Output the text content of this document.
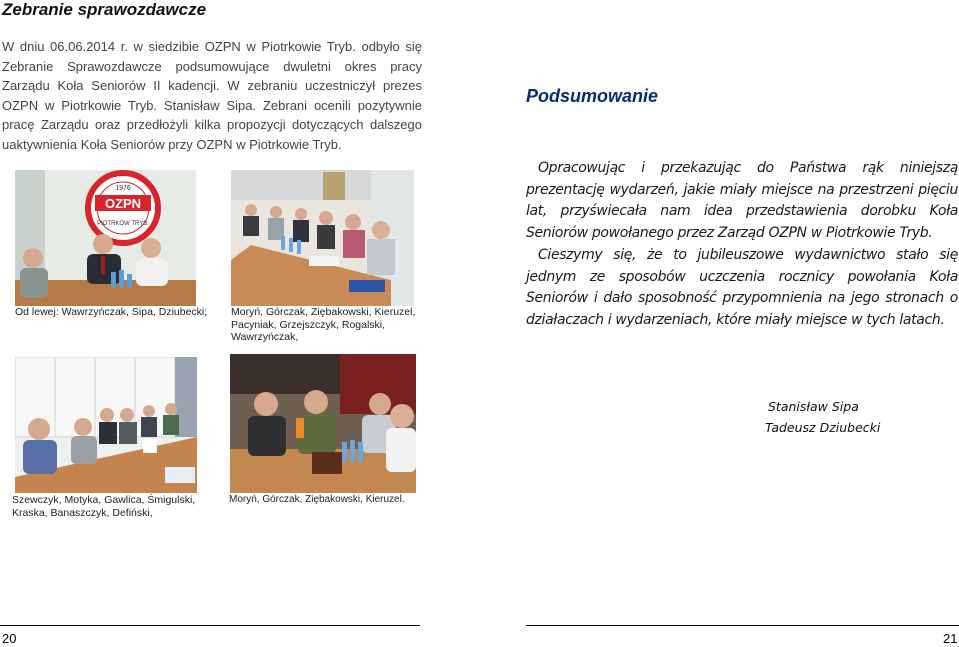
Zebranie sprawozdawcze
W dniu 06.06.2014 r. w siedzibie OZPN w Piotrkowie Tryb. odbyło się Zebranie Sprawozdawcze podsumowujące dwuletni okres pracy Zarządu Koła Seniorów II kadencji. W zebraniu uczestniczył prezes OZPN w Piotrkowie Tryb. Stanisław Sipa. Zebrani ocenili pozytywnie pracę Zarządu oraz przedłożyli kilka propozycji dotyczących dalszego uaktywnienia Koła Seniorów przy OZPN w Piotrkowie Tryb.
1976
OZPN
PIOTRKÓW TRYB.
Od lewej: Wawrzyńczak, Sipa, Dziubecki;	Moryń, Górczak, Ziębakowski, Kieruzel, Pacyniak, Grzejszczyk, Rogalski, Wawrzyńczak,
Szewczyk, Motyka, Gawlica, Śmigulski, Kraska, Banaszczyk, Defiński,
Moryń, Górczak, Ziębakowski, Kieruzel.
Podsumowanie

Opracowując i przekazując do Państwa rąk niniejszą prezentację wydarzeń, jakie miały miejsce na przestrzeni pięciu lat, przyświecała nam idea przedstawienia dorobku Koła Seniorów powołanego przez Zarząd OZPN w Piotrkowie Tryb.

Cieszymy się, że to jubileuszowe wydawnictwo stało się jednym ze sposobów uczczenia rocznicy powołania Koła Seniorów i dało sposobność przypomnienia na jego stronach o działaczach i wydarzeniach, które miały miejsce w tych latach.

Stanisław Sipa
Tadeusz Dziubecki
20	21
